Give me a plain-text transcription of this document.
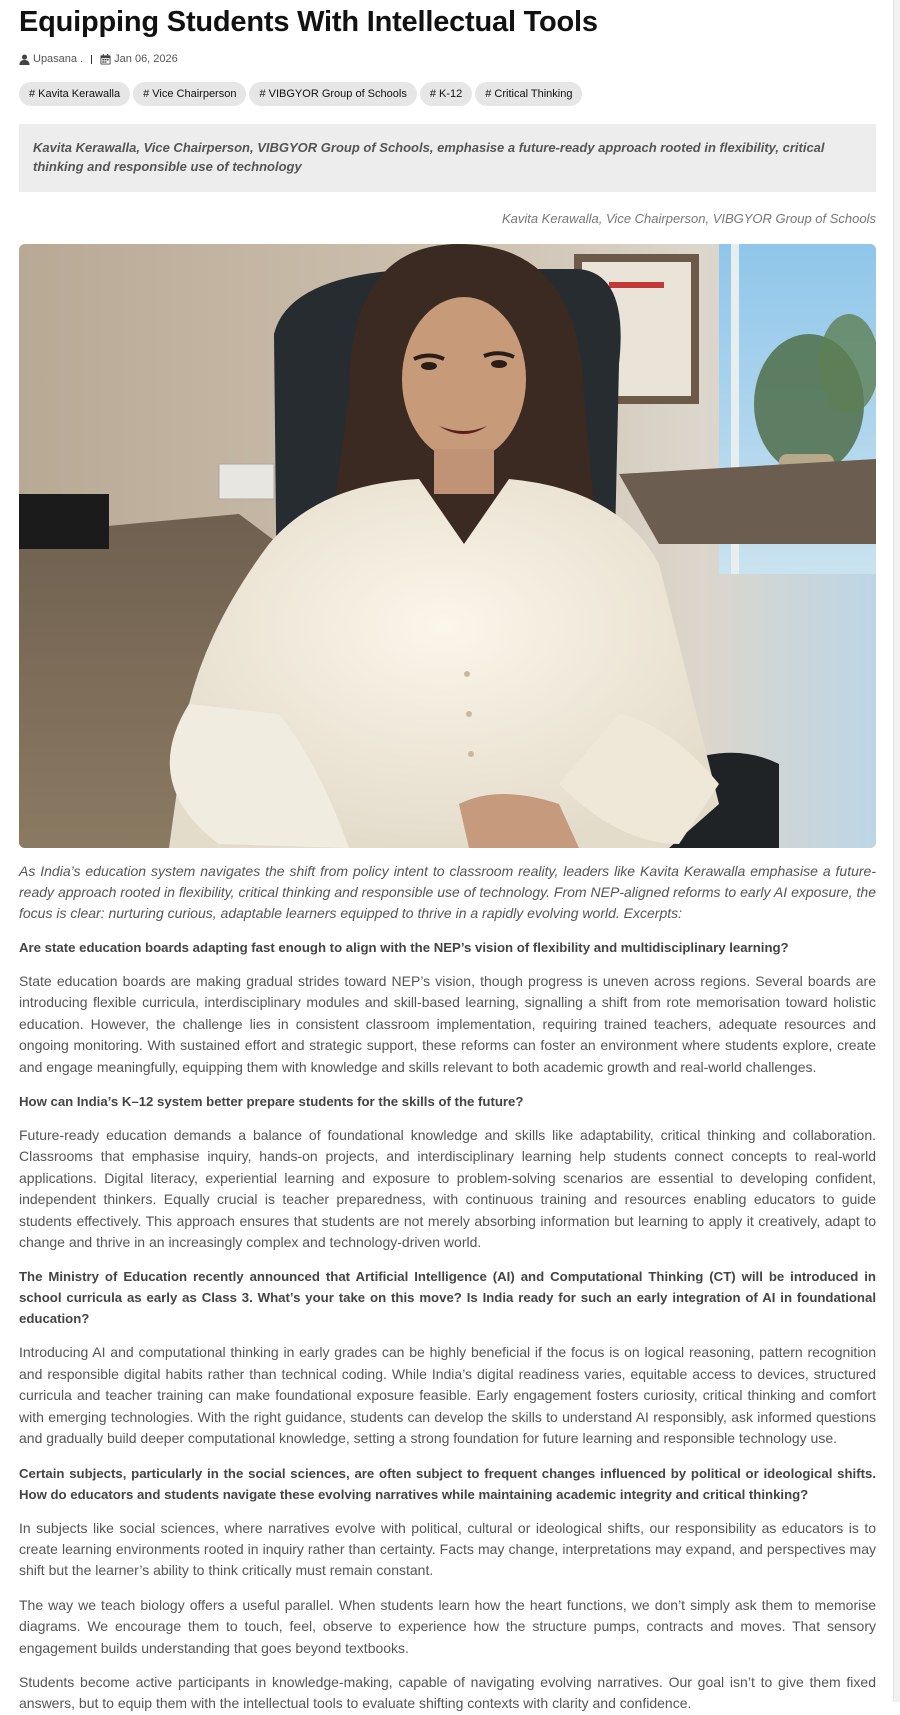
Equipping Students With Intellectual Tools
Upasana .	Jan 06, 2026
# Kavita Kerawalla	# Vice Chairperson	# VIBGYOR Group of Schools	# K-12	# Critical Thinking
Kavita Kerawalla, Vice Chairperson, VIBGYOR Group of Schools, emphasise a future-ready approach rooted in flexibility, critical thinking and responsible use of technology
Kavita Kerawalla, Vice Chairperson, VIBGYOR Group of Schools
As India’s education system navigates the shift from policy intent to classroom reality, leaders like Kavita Kerawalla emphasise a future-ready approach rooted in flexibility, critical thinking and responsible use of technology. From NEP-aligned reforms to early AI exposure, the focus is clear: nurturing curious, adaptable learners equipped to thrive in a rapidly evolving world. Excerpts:
Are state education boards adapting fast enough to align with the NEP’s vision of flexibility and multidisciplinary learning?
State education boards are making gradual strides toward NEP’s vision, though progress is uneven across regions. Several boards are introducing flexible curricula, interdisciplinary modules and skill-based learning, signalling a shift from rote memorisation toward holistic education. However, the challenge lies in consistent classroom implementation, requiring trained teachers, adequate resources and ongoing monitoring. With sustained effort and strategic support, these reforms can foster an environment where students explore, create and engage meaningfully, equipping them with knowledge and skills relevant to both academic growth and real-world challenges.
How can India’s K–12 system better prepare students for the skills of the future?
Future-ready education demands a balance of foundational knowledge and skills like adaptability, critical thinking and collaboration. Classrooms that emphasise inquiry, hands-on projects, and interdisciplinary learning help students connect concepts to real-world applications. Digital literacy, experiential learning and exposure to problem-solving scenarios are essential to developing confident, independent thinkers. Equally crucial is teacher preparedness, with continuous training and resources enabling educators to guide students effectively. This approach ensures that students are not merely absorbing information but learning to apply it creatively, adapt to change and thrive in an increasingly complex and technology-driven world.
The Ministry of Education recently announced that Artificial Intelligence (AI) and Computational Thinking (CT) will be introduced in school curricula as early as Class 3. What’s your take on this move? Is India ready for such an early integration of AI in foundational education?
Introducing AI and computational thinking in early grades can be highly beneficial if the focus is on logical reasoning, pattern recognition and responsible digital habits rather than technical coding. While India’s digital readiness varies, equitable access to devices, structured curricula and teacher training can make foundational exposure feasible. Early engagement fosters curiosity, critical thinking and comfort with emerging technologies. With the right guidance, students can develop the skills to understand AI responsibly, ask informed questions and gradually build deeper computational knowledge, setting a strong foundation for future learning and responsible technology use.
Certain subjects, particularly in the social sciences, are often subject to frequent changes influenced by political or ideological shifts. How do educators and students navigate these evolving narratives while maintaining academic integrity and critical thinking?
In subjects like social sciences, where narratives evolve with political, cultural or ideological shifts, our responsibility as educators is to create learning environments rooted in inquiry rather than certainty. Facts may change, interpretations may expand, and perspectives may shift but the learner’s ability to think critically must remain constant.
The way we teach biology offers a useful parallel. When students learn how the heart functions, we don’t simply ask them to memorise diagrams. We encourage them to touch, feel, observe to experience how the structure pumps, contracts and moves. That sensory engagement builds understanding that goes beyond textbooks.
Students become active participants in knowledge-making, capable of navigating evolving narratives. Our goal isn’t to give them fixed answers, but to equip them with the intellectual tools to evaluate shifting contexts with clarity and confidence.
